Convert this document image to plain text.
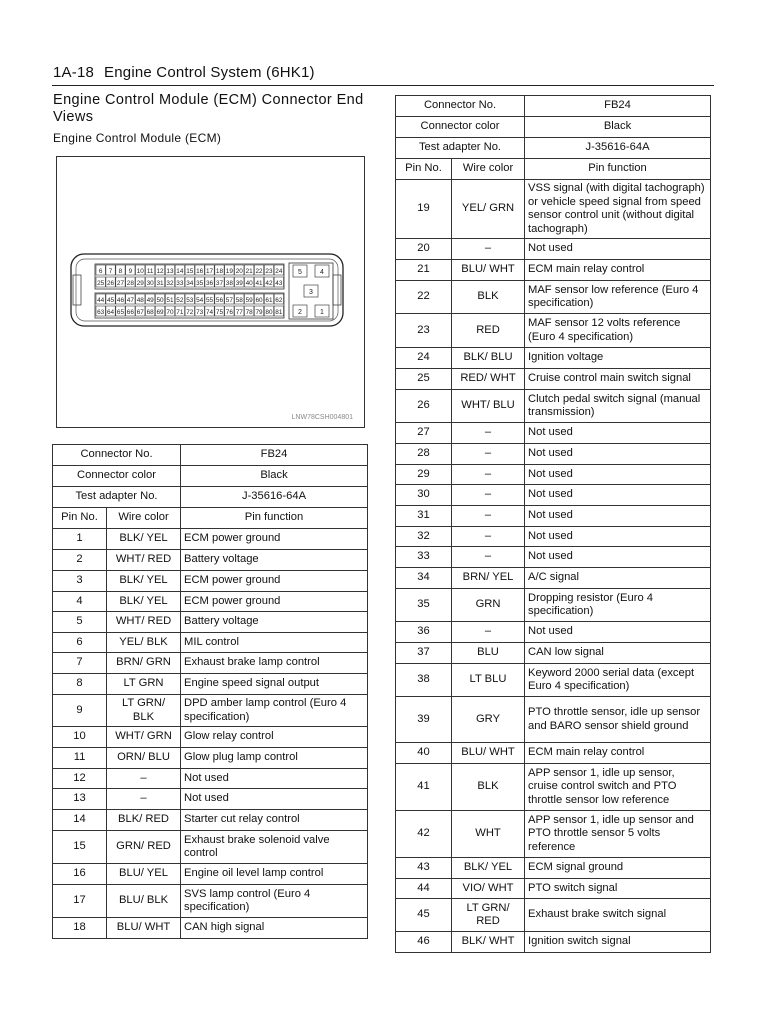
1A-18 Engine Control System (6HK1)
Engine Control Module (ECM) Connector End Views
Engine Control Module (ECM)
6 7 8 9 10 11 12 13 14 15 16 17 18 19 20 21 22 23 24
25 26 27 28 29 30 31 32 33 34 35 36 37 38 39 40 41 42 43
44 45 46 47 48 49 50 51 52 53 54 55 56 57 58 59 60 61 62
63 64 65 66 67 68 69 70 71 72 73 74 75 76 77 78 79 80 81
5	4
3
2	1
LNW78CSH004801
Connector No.		FB24
Connector color		Black
Test adapter No.		J-35616-64A
Pin No.	Wire color	Pin function
1	BLK/ YEL	ECM power ground
2	WHT/ RED	Battery voltage
3	BLK/ YEL	ECM power ground
4	BLK/ YEL	ECM power ground
5	WHT/ RED	Battery voltage
6	YEL/ BLK	MIL control
7	BRN/ GRN	Exhaust brake lamp control
8	LT GRN	Engine speed signal output
9	LT GRN/ BLK	DPD amber lamp control (Euro 4 specification)
10	WHT/ GRN	Glow relay control
11	ORN/ BLU	Glow plug lamp control
12	–	Not used
13	–	Not used
14	BLK/ RED	Starter cut relay control
15	GRN/ RED	Exhaust brake solenoid valve control
16	BLU/ YEL	Engine oil level lamp control
17	BLU/ BLK	SVS lamp control (Euro 4 specification)
18	BLU/ WHT	CAN high signal
Connector No.		FB24
Connector color		Black
Test adapter No.		J-35616-64A
Pin No.	Wire color	Pin function
19	YEL/ GRN	VSS signal (with digital tachograph) or vehicle speed signal from speed sensor control unit (without digital tachograph)
20	–	Not used
21	BLU/ WHT	ECM main relay control
22	BLK	MAF sensor low reference (Euro 4 specification)
23	RED	MAF sensor 12 volts reference (Euro 4 specification)
24	BLK/ BLU	Ignition voltage
25	RED/ WHT	Cruise control main switch signal
26	WHT/ BLU	Clutch pedal switch signal (manual transmission)
27	–	Not used
28	–	Not used
29	–	Not used
30	–	Not used
31	–	Not used
32	–	Not used
33	–	Not used
34	BRN/ YEL	A/C signal
35	GRN	Dropping resistor (Euro 4 specification)
36	–	Not used
37	BLU	CAN low signal
38	LT BLU	Keyword 2000 serial data (except Euro 4 specification)
39	GRY	PTO throttle sensor, idle up sensor and BARO sensor shield ground
40	BLU/ WHT	ECM main relay control
41	BLK	APP sensor 1, idle up sensor, cruise control switch and PTO throttle sensor low reference
42	WHT	APP sensor 1, idle up sensor and PTO throttle sensor 5 volts reference
43	BLK/ YEL	ECM signal ground
44	VIO/ WHT	PTO switch signal
45	LT GRN/ RED	Exhaust brake switch signal
46	BLK/ WHT	Ignition switch signal
